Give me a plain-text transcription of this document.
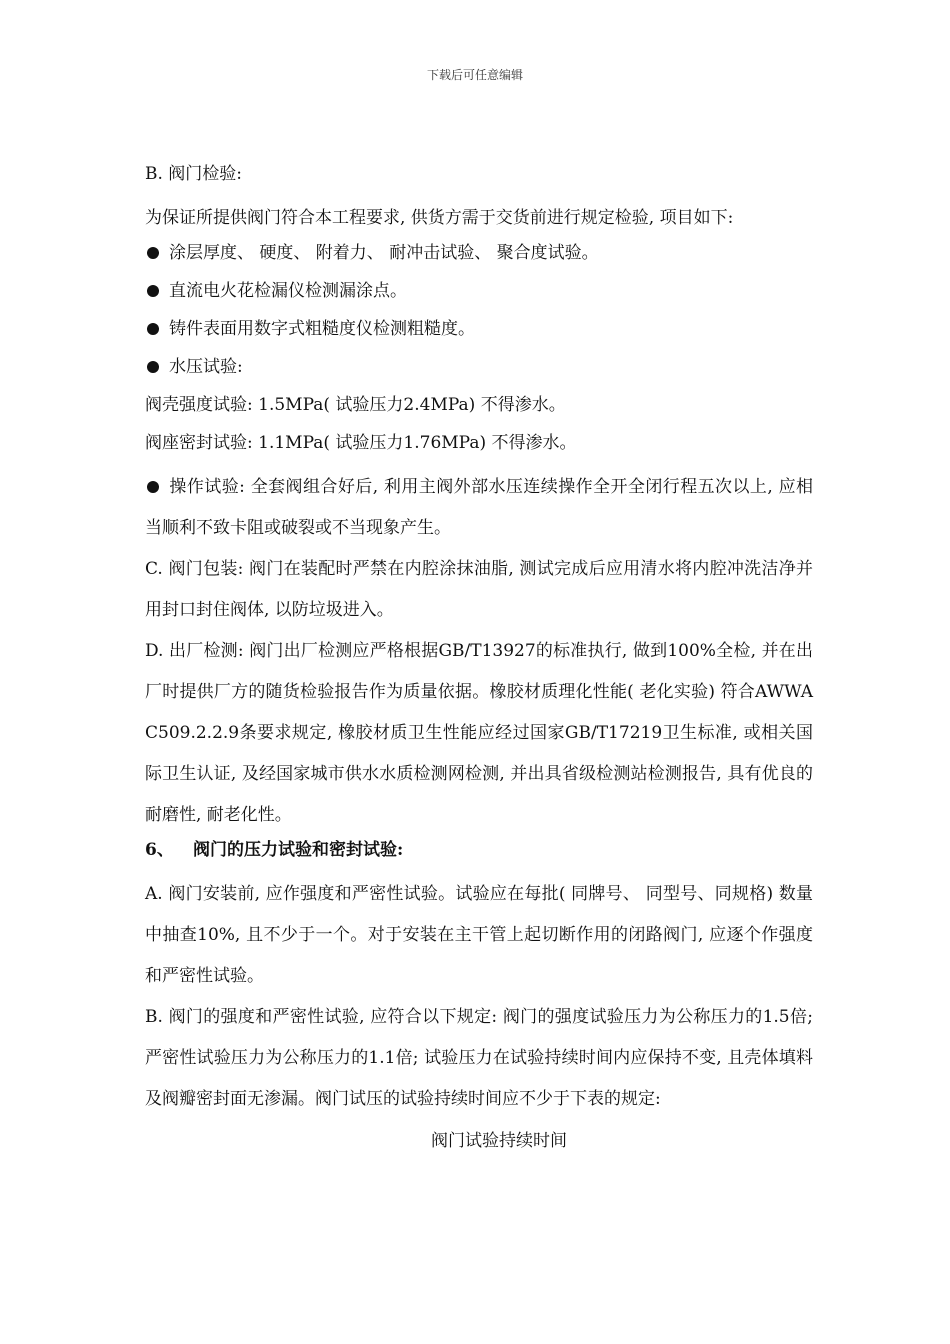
下载后可任意编辑
B. 阀门检验:
为保证所提供阀门符合本工程要求, 供货方需于交货前进行规定检验, 项目如下:
涂层厚度、 硬度、 附着力、 耐冲击试验、 聚合度试验。
直流电火花检漏仪检测漏涂点。
铸件表面用数字式粗糙度仪检测粗糙度。
水压试验:
阀壳强度试验: 1.5MPa( 试验压力2.4MPa) 不得渗水。
阀座密封试验: 1.1MPa( 试验压力1.76MPa) 不得渗水。
操作试验: 全套阀组合好后, 利用主阀外部水压连续操作全开全闭行程五次以上, 应相当顺利不致卡阻或破裂或不当现象产生。
C. 阀门包装: 阀门在装配时严禁在内腔涂抹油脂, 测试完成后应用清水将内腔冲洗洁净并用封口封住阀体, 以防垃圾进入。
D. 出厂检测: 阀门出厂检测应严格根据GB/T13927的标准执行, 做到100%全检, 并在出厂时提供厂方的随货检验报告作为质量依据。橡胶材质理化性能( 老化实验) 符合AWWA C509.2.2.9条要求规定, 橡胶材质卫生性能应经过国家GB/T17219卫生标准, 或相关国际卫生认证, 及经国家城市供水水质检测网检测, 并出具省级检测站检测报告, 具有优良的耐磨性, 耐老化性。
6、 阀门的压力试验和密封试验:
A. 阀门安装前, 应作强度和严密性试验。试验应在每批( 同牌号、 同型号、同规格) 数量中抽查10%, 且不少于一个。对于安装在主干管上起切断作用的闭路阀门, 应逐个作强度和严密性试验。
B. 阀门的强度和严密性试验, 应符合以下规定: 阀门的强度试验压力为公称压力的1.5倍; 严密性试验压力为公称压力的1.1倍; 试验压力在试验持续时间内应保持不变, 且壳体填料及阀瓣密封面无渗漏。阀门试压的试验持续时间应不少于下表的规定:
阀门试验持续时间
